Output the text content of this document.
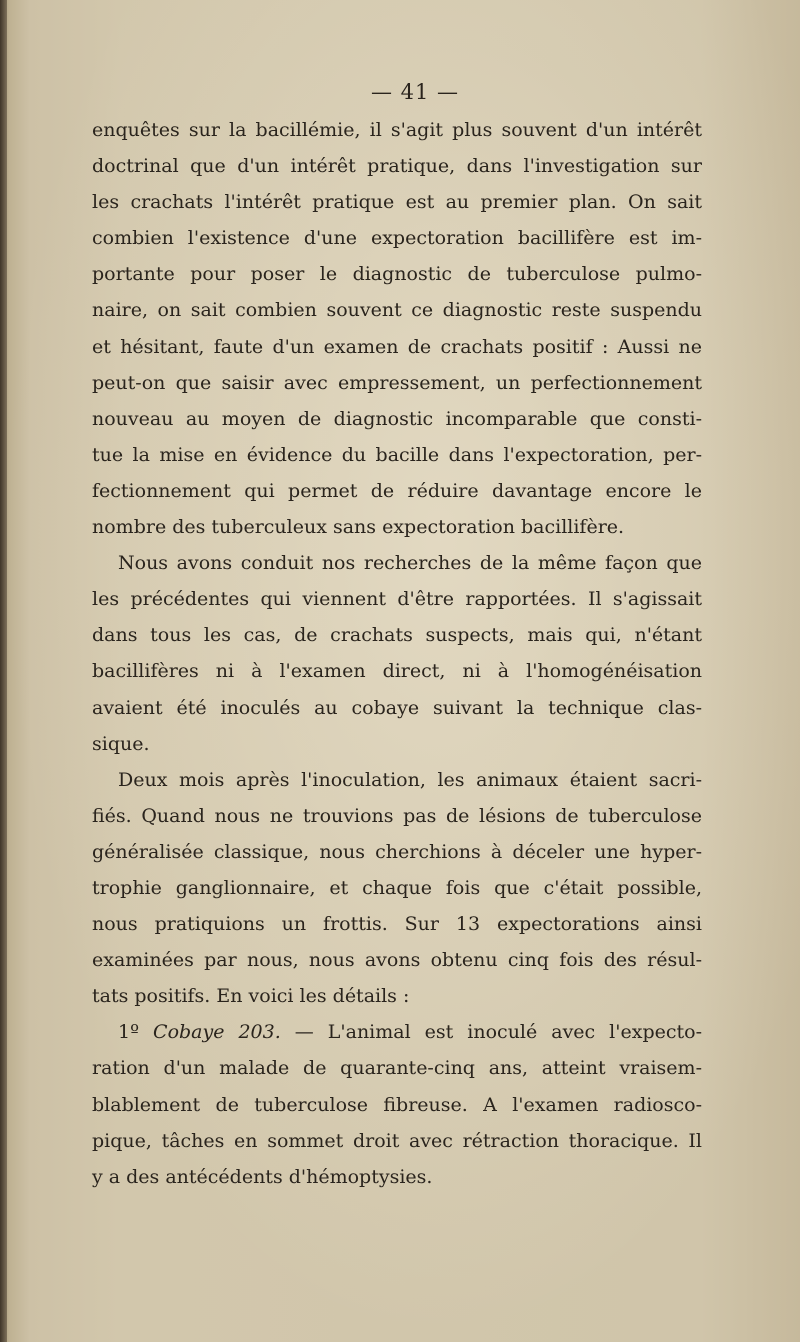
— 41 —
enquêtes sur la bacillémie, il s'agit plus souvent d'un intérêt
doctrinal que d'un intérêt pratique, dans l'investigation sur
les crachats l'intérêt pratique est au premier plan. On sait
combien l'existence d'une expectoration bacillifère est im-
portante pour poser le diagnostic de tuberculose pulmo-
naire, on sait combien souvent ce diagnostic reste suspendu
et hésitant, faute d'un examen de crachats positif : Aussi ne
peut-on que saisir avec empressement, un perfectionnement
nouveau au moyen de diagnostic incomparable que consti-
tue la mise en évidence du bacille dans l'expectoration, per-
fectionnement qui permet de réduire davantage encore le
nombre des tuberculeux sans expectoration bacillifère.
Nous avons conduit nos recherches de la même façon que
les précédentes qui viennent d'être rapportées. Il s'agissait
dans tous les cas, de crachats suspects, mais qui, n'étant
bacillifères ni à l'examen direct, ni à l'homogénéisation
avaient été inoculés au cobaye suivant la technique clas-
sique.
Deux mois après l'inoculation, les animaux étaient sacri-
fiés. Quand nous ne trouvions pas de lésions de tuberculose
généralisée classique, nous cherchions à déceler une hyper-
trophie ganglionnaire, et chaque fois que c'était possible,
nous pratiquions un frottis. Sur 13 expectorations ainsi
examinées par nous, nous avons obtenu cinq fois des résul-
tats positifs. En voici les détails :
1º Cobaye 203. — L'animal est inoculé avec l'expecto-
ration d'un malade de quarante-cinq ans, atteint vraisem-
blablement de tuberculose fibreuse. A l'examen radiosco-
pique, tâches en sommet droit avec rétraction thoracique. Il
y a des antécédents d'hémoptysies.
